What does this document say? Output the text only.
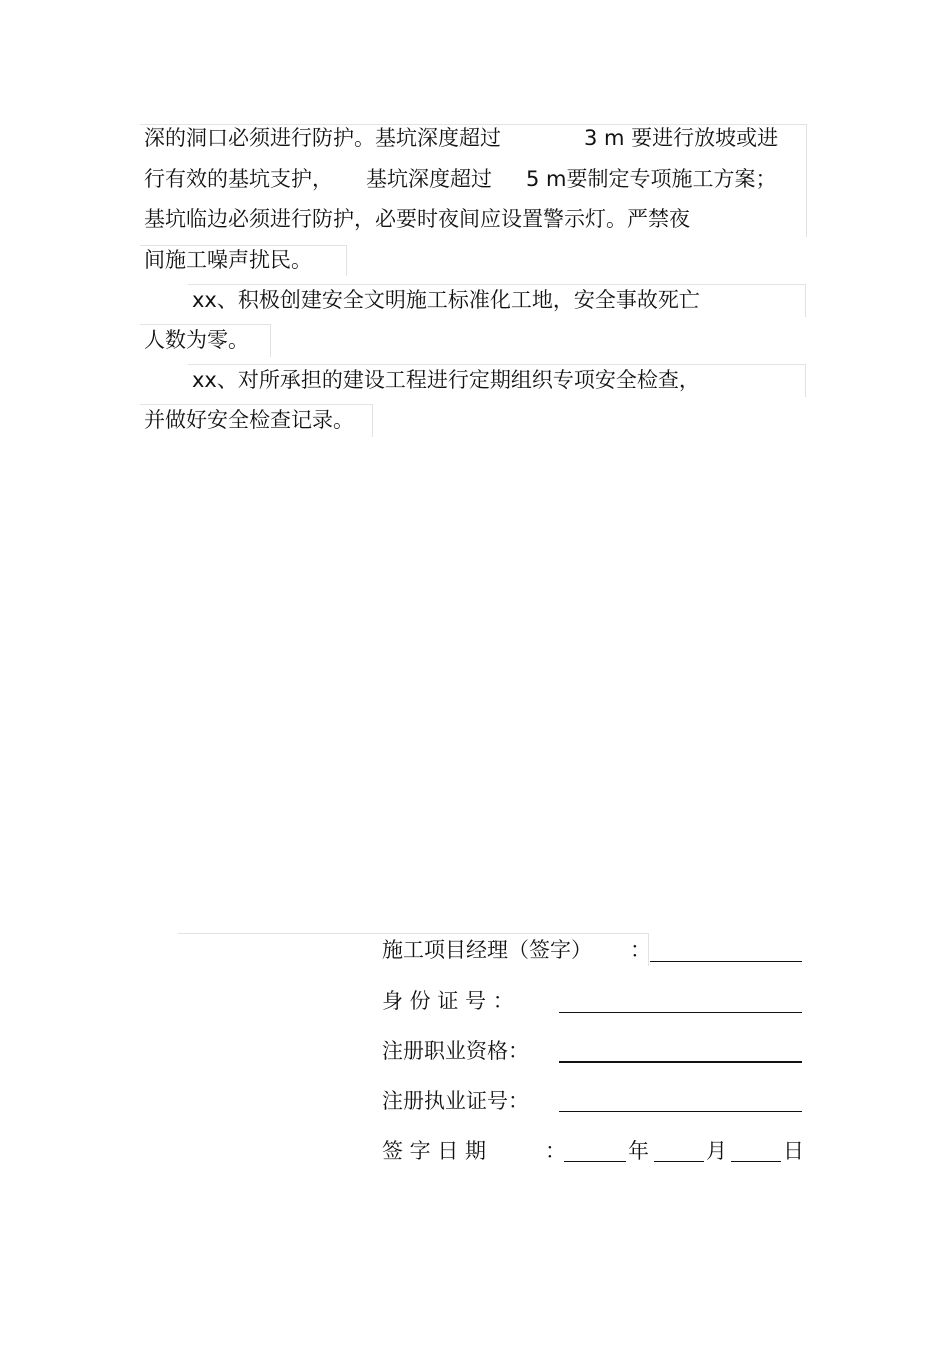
深的洞口必须进行防护。基坑深度超过	3 m 要进行放坡或进
行有效的基坑支护， 基坑深度超过 5 m要制定专项施工方案；
基坑临边必须进行防护，必要时夜间应设置警示灯。严禁夜
间施工噪声扰民。
xx、积极创建安全文明施工标准化工地，安全事故死亡
人数为零。
xx、对所承担的建设工程进行定期组织专项安全检查，
并做好安全检查记录。
施工项目经理（签字） ：
身 份 证 号 ：
注册职业资格：
注册执业证号：
签 字 日 期	：	年	月	日
